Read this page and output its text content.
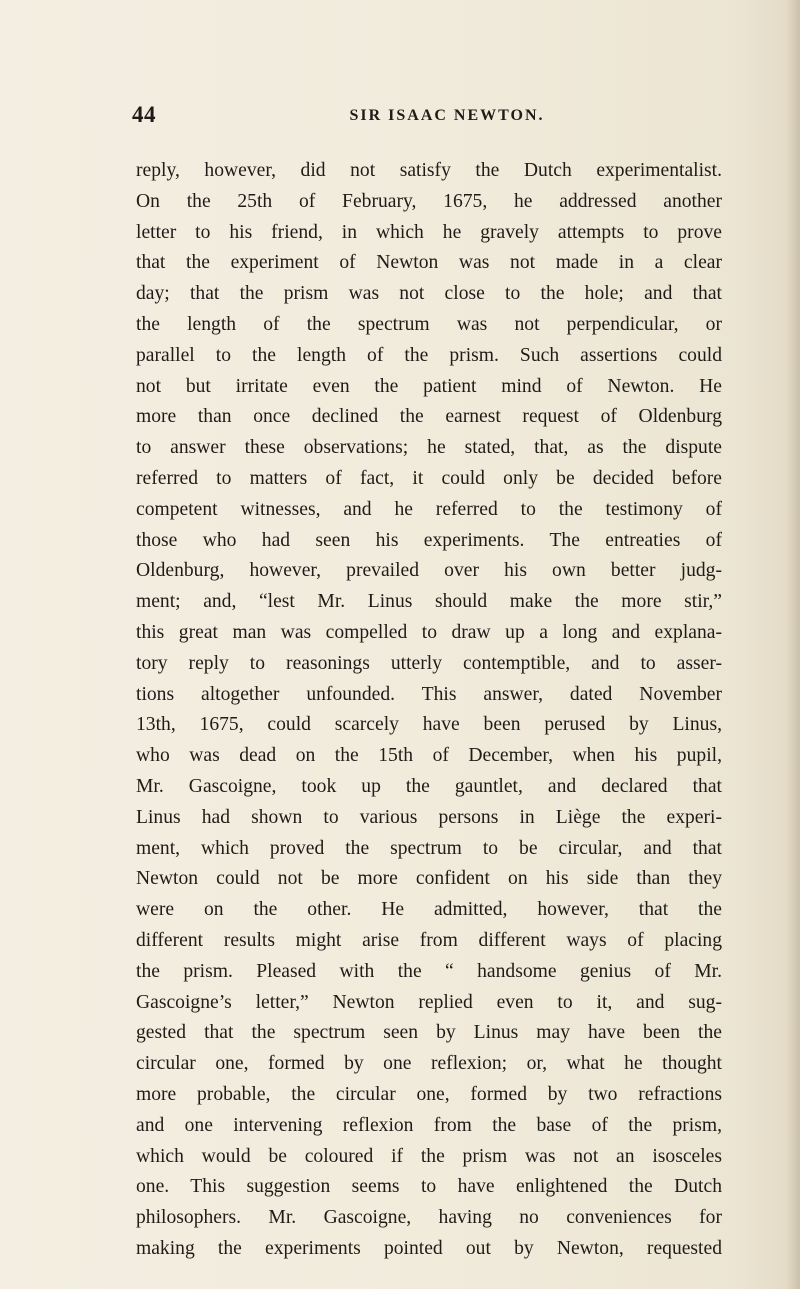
44	SIR ISAAC NEWTON.
reply, however, did not satisfy the Dutch experimentalist.
On the 25th of February, 1675, he addressed another
letter to his friend, in which he gravely attempts to prove
that the experiment of Newton was not made in a clear
day; that the prism was not close to the hole; and that
the length of the spectrum was not perpendicular, or
parallel to the length of the prism. Such assertions could
not but irritate even the patient mind of Newton. He
more than once declined the earnest request of Oldenburg
to answer these observations; he stated, that, as the dispute
referred to matters of fact, it could only be decided before
competent witnesses, and he referred to the testimony of
those who had seen his experiments. The entreaties of
Oldenburg, however, prevailed over his own better judg-
ment; and, “lest Mr. Linus should make the more stir,”
this great man was compelled to draw up a long and explana-
tory reply to reasonings utterly contemptible, and to asser-
tions altogether unfounded. This answer, dated November
13th, 1675, could scarcely have been perused by Linus,
who was dead on the 15th of December, when his pupil,
Mr. Gascoigne, took up the gauntlet, and declared that
Linus had shown to various persons in Liège the experi-
ment, which proved the spectrum to be circular, and that
Newton could not be more confident on his side than they
were on the other. He admitted, however, that the
different results might arise from different ways of placing
the prism. Pleased with the “ handsome genius of Mr.
Gascoigne’s letter,” Newton replied even to it, and sug-
gested that the spectrum seen by Linus may have been the
circular one, formed by one reflexion; or, what he thought
more probable, the circular one, formed by two refractions
and one intervening reflexion from the base of the prism,
which would be coloured if the prism was not an isosceles
one. This suggestion seems to have enlightened the Dutch
philosophers. Mr. Gascoigne, having no conveniences for
making the experiments pointed out by Newton, requested
